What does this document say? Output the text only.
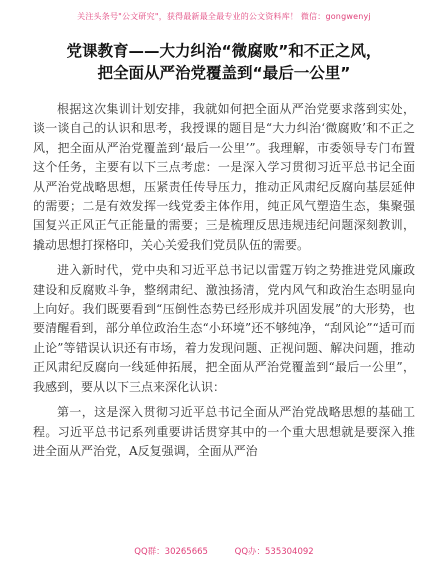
关注头条号"公文研究"，获得最新最全最专业的公文资料库！ 微信：gongwenyj
党课教育——大力纠治“微腐败”和不正之风，
把全面从严治党覆盖到“最后一公里”

根据这次集训计划安排，我就如何把全面从严治党要求落到实处，谈一谈自己的认识和思考，我授课的题目是“大力纠治‘微腐败’和不正之风，把全面从严治党覆盖到‘最后一公里’”。我理解，市委领导专门布置这个任务，主要有以下三点考虑：一是深入学习贯彻习近平总书记全面从严治党战略思想，压紧责任传导压力，推动正风肃纪反腐向基层延伸的需要；二是有效发挥一线党委主体作用，纯正风气塑造生态，集聚强国复兴正风正气正能量的需要；三是梳理反思违规违纪问题深刻教训，撬动思想打探格印，关心关爱我们党员队伍的需要。

进入新时代，党中央和习近平总书记以雷霆万钧之势推进党风廉政建设和反腐败斗争，整纲肃纪、激浊扬清，党内风气和政治生态明显向上向好。我们既要看到“压倒性态势已经形成并巩固发展”的大形势，也要清醒看到，部分单位政治生态“小环境”还不够纯净，“刮风论”“适可而止论”等错误认识还有市场，着力发现问题、正视问题、解决问题，推动正风肃纪反腐向一线延伸拓展，把全面从严治党覆盖到“最后一公里”，我感到，要从以下三点来深化认识：

第一，这是深入贯彻习近平总书记全面从严治党战略思想的基础工程。习近平总书记系列重要讲话贯穿其中的一个重大思想就是要深入推进全面从严治党，A反复强调，全面从严治

QQ群：30265665	QQ办：535304092
